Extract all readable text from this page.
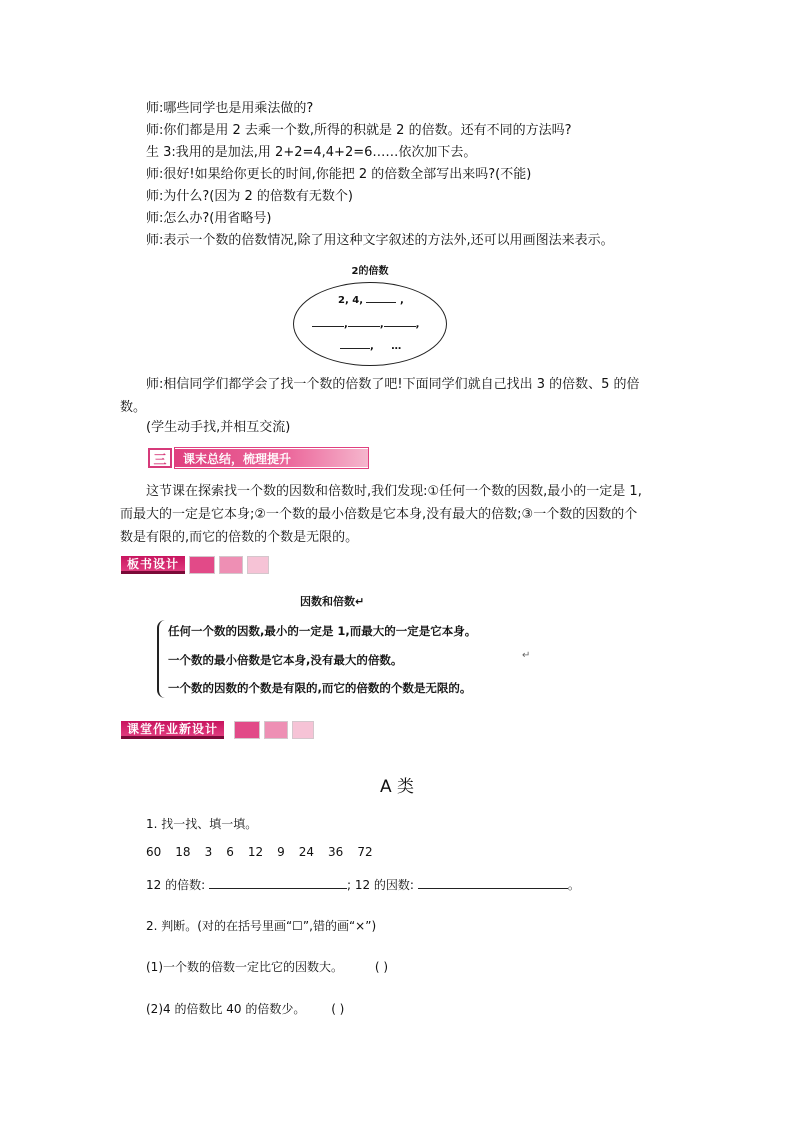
师:哪些同学也是用乘法做的?
师:你们都是用 2 去乘一个数,所得的积就是 2 的倍数。还有不同的方法吗?
生 3:我用的是加法,用 2+2=4,4+2=6……依次加下去。
师:很好!如果给你更长的时间,你能把 2 的倍数全部写出来吗?(不能)
师:为什么?(因为 2 的倍数有无数个)
师:怎么办?(用省略号)
师:表示一个数的倍数情况,除了用这种文字叙述的方法外,还可以用画图法来表示。
2的倍数
2, 4,	,
,	,	,
, …
师:相信同学们都学会了找一个数的倍数了吧!下面同学们就自己找出 3 的倍数、5 的倍数。
(学生动手找,并相互交流)
三	课末总结，梳理提升
这节课在探索找一个数的因数和倍数时,我们发现:①任何一个数的因数,最小的一定是 1,而最大的一定是它本身;②一个数的最小倍数是它本身,没有最大的倍数;③一个数的因数的个数是有限的,而它的倍数的个数是无限的。
板书设计
因数和倍数↵
任何一个数的因数,最小的一定是 1,而最大的一定是它本身。
一个数的最小倍数是它本身,没有最大的倍数。	↵
一个数的因数的个数是有限的,而它的倍数的个数是无限的。
课堂作业新设计
A 类
1. 找一找、填一填。
60 18 3 6 12 9 24 36 72
12 的倍数:	; 12 的因数:	。
2. 判断。(对的在括号里画“☐”,错的画“×”)
(1)一个数的倍数一定比它的因数大。	( )
(2)4 的倍数比 40 的倍数少。 ( )
